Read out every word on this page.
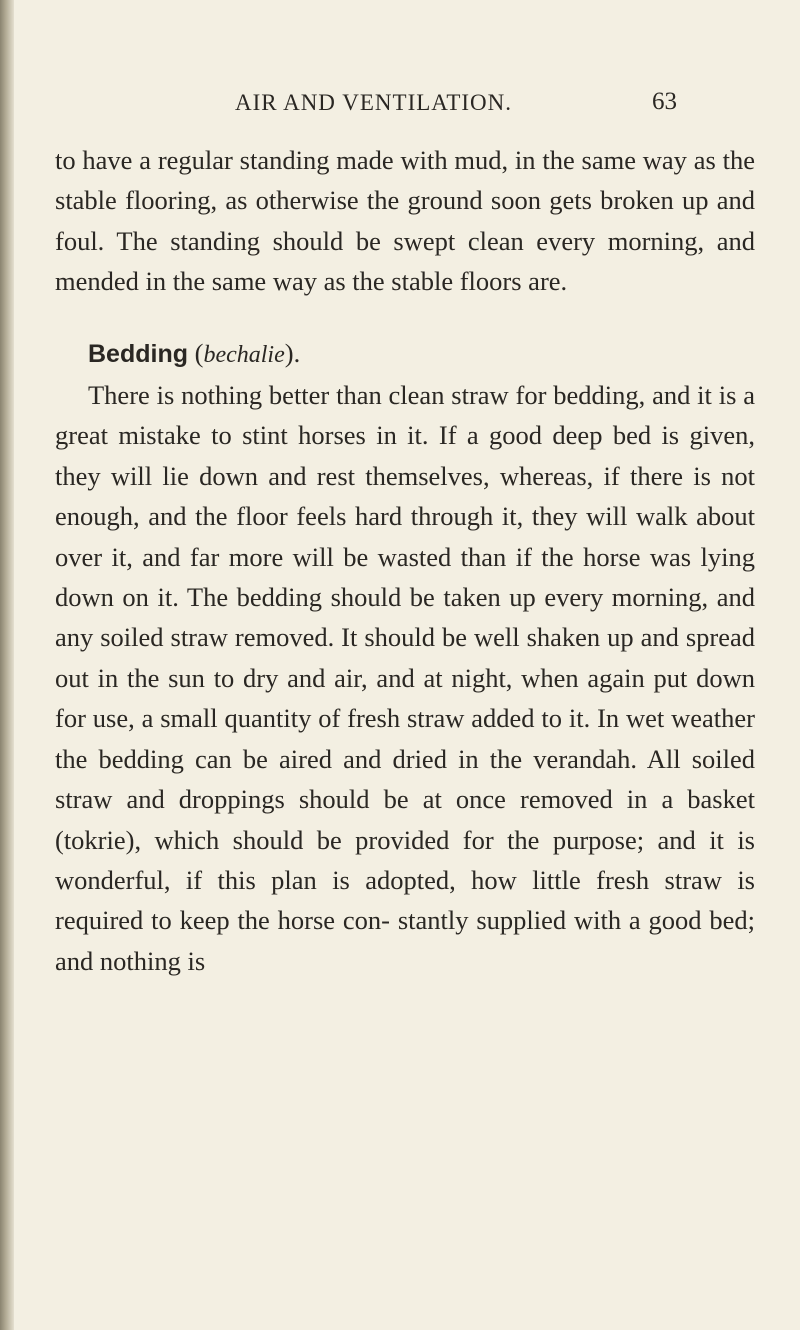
AIR AND VENTILATION.	63

to have a regular standing made with mud, in the same way as the stable flooring, as otherwise the ground soon gets broken up and foul. The standing should be swept clean every morning, and mended in the same way as the stable floors are.

Bedding (bechalie).

There is nothing better than clean straw for bedding, and it is a great mistake to stint horses in it. If a good deep bed is given, they will lie down and rest themselves, whereas, if there is not enough, and the floor feels hard through it, they will walk about over it, and far more will be wasted than if the horse was lying down on it. The bedding should be taken up every morning, and any soiled straw removed. It should be well shaken up and spread out in the sun to dry and air, and at night, when again put down for use, a small quantity of fresh straw added to it. In wet weather the bedding can be aired and dried in the verandah. All soiled straw and droppings should be at once removed in a basket (tokrie), which should be provided for the purpose; and it is wonderful, if this plan is adopted, how little fresh straw is required to keep the horse con- stantly supplied with a good bed; and nothing is
